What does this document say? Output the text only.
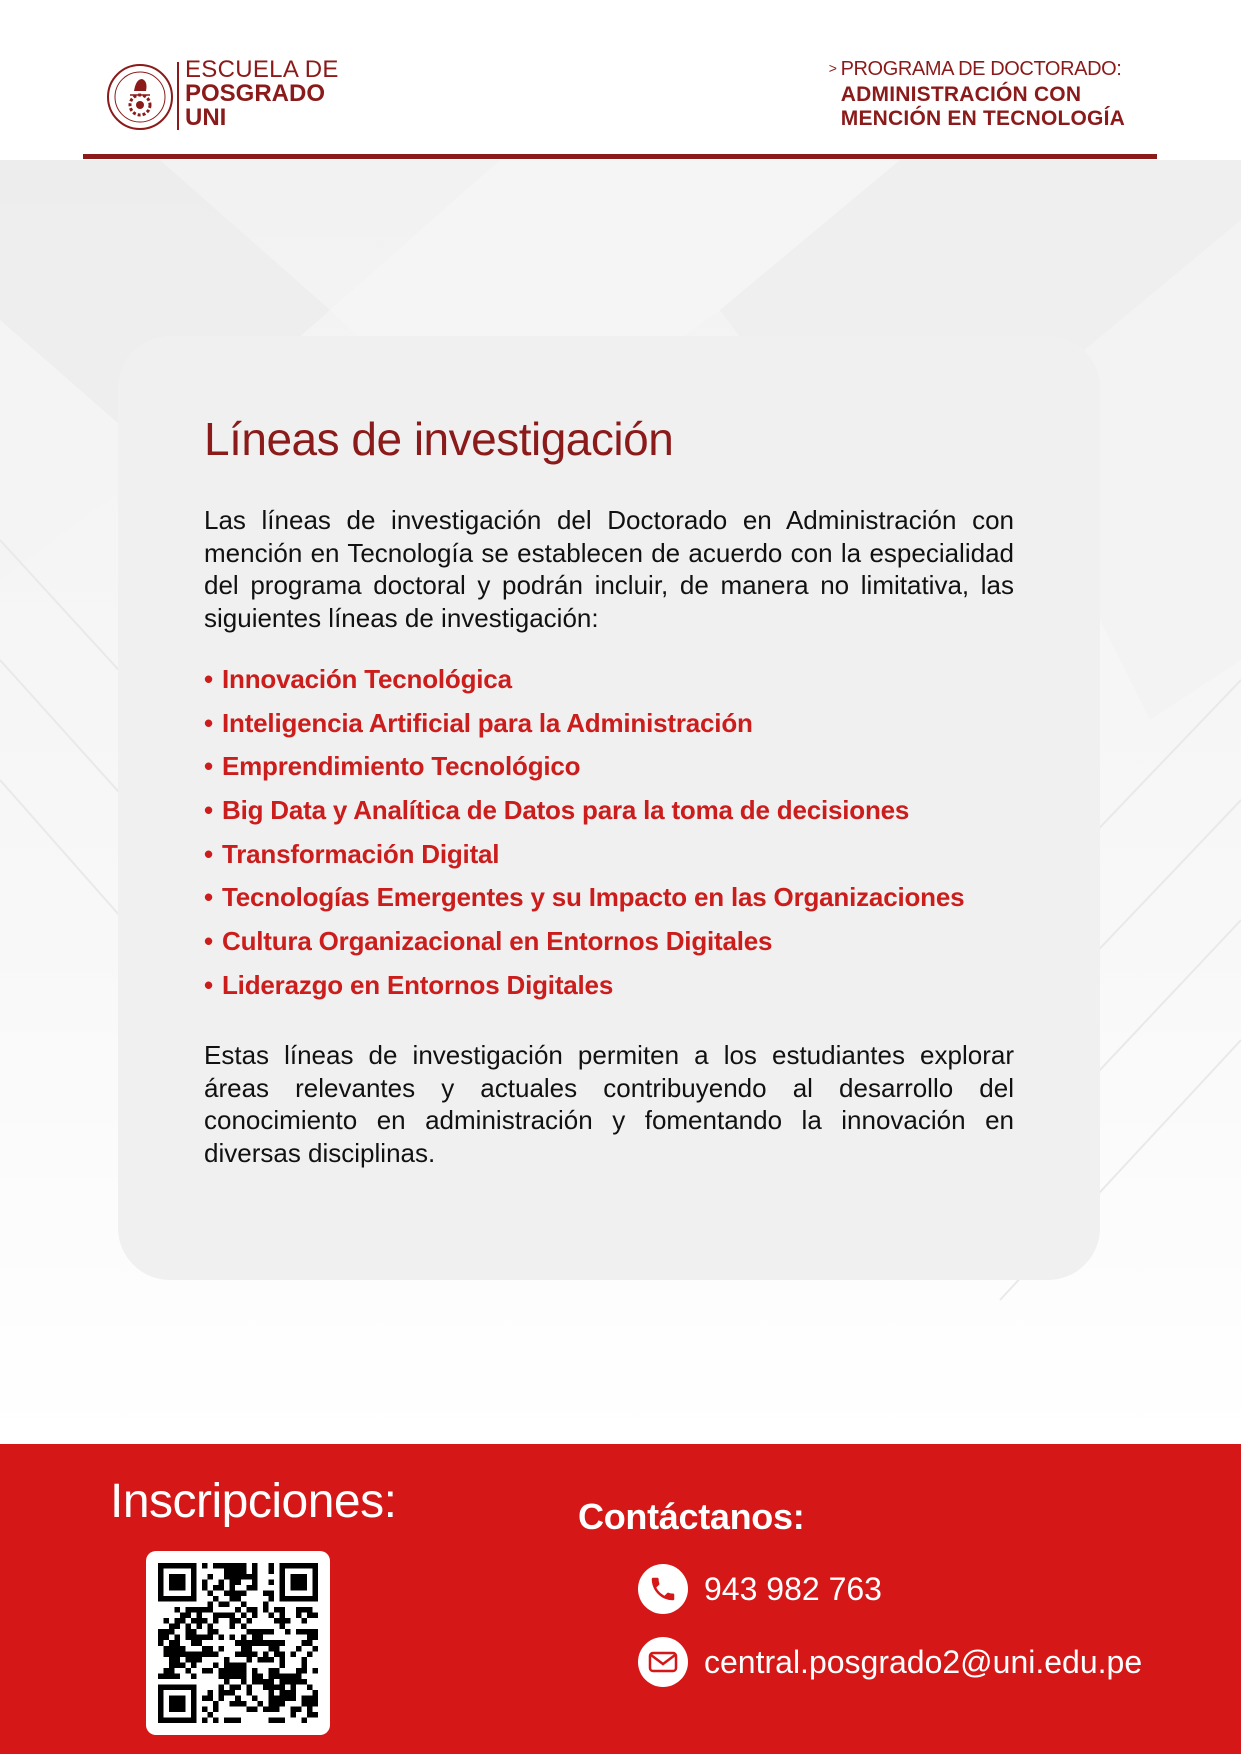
ESCUELA DE
POSGRADO
UNI
> PROGRAMA DE DOCTORADO:
ADMINISTRACIÓN CON
MENCIÓN EN TECNOLOGÍA
Líneas de investigación

Las líneas de investigación del Doctorado en Administración con mención en Tecnología se establecen de acuerdo con la especialidad del programa doctoral y podrán incluir, de manera no limitativa, las siguientes líneas de investigación:

• Innovación Tecnológica
• Inteligencia Artificial para la Administración
• Emprendimiento Tecnológico
• Big Data y Analítica de Datos para la toma de decisiones
• Transformación Digital
• Tecnologías Emergentes y su Impacto en las Organizaciones
• Cultura Organizacional en Entornos Digitales
• Liderazgo en Entornos Digitales

Estas líneas de investigación permiten a los estudiantes explorar áreas relevantes y actuales contribuyendo al desarrollo del conocimiento en administración y fomentando la innovación en diversas disciplinas.

Inscripciones:	Contáctanos:
943 982 763
central.posgrado2@uni.edu.pe
